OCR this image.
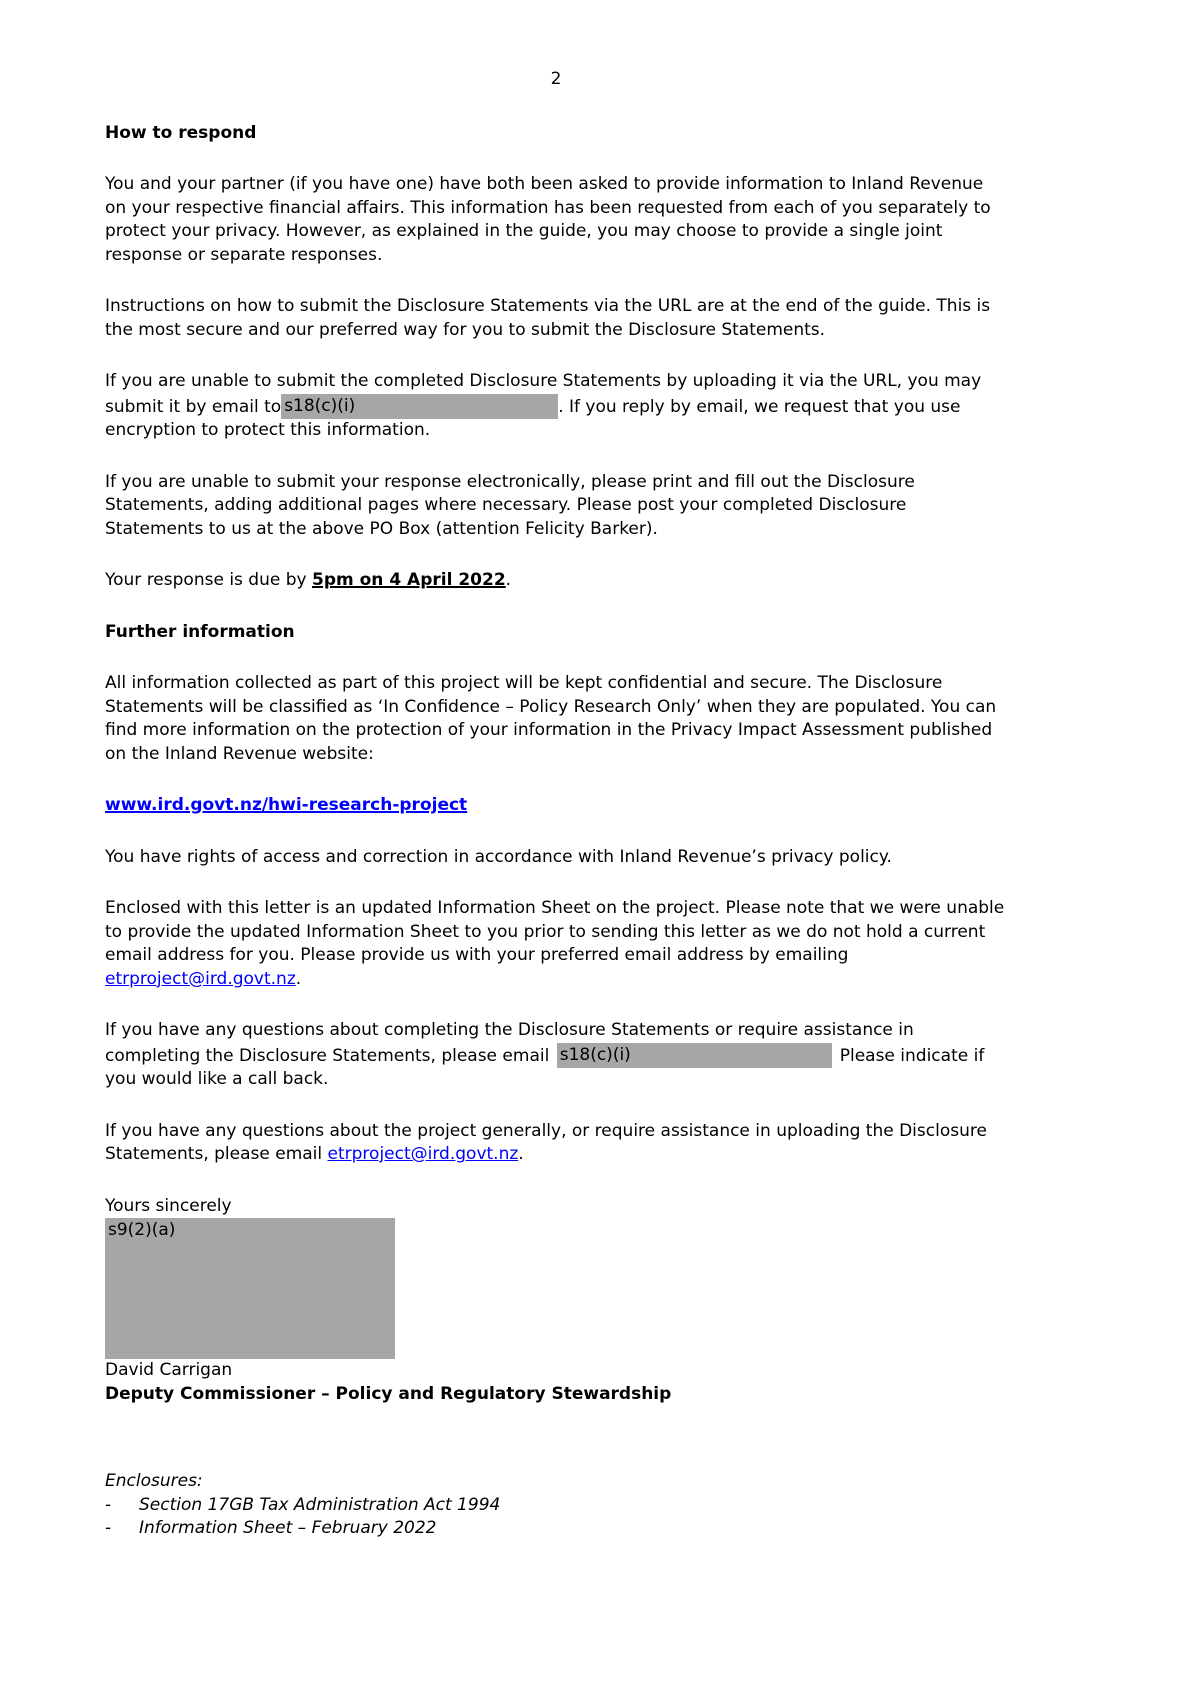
2
How to respond

You and your partner (if you have one) have both been asked to provide information to Inland Revenue on your respective financial affairs. This information has been requested from each of you separately to protect your privacy. However, as explained in the guide, you may choose to provide a single joint response or separate responses.

Instructions on how to submit the Disclosure Statements via the URL are at the end of the guide. This is the most secure and our preferred way for you to submit the Disclosure Statements.

If you are unable to submit the completed Disclosure Statements by uploading it via the URL, you may submit it by email to s18(c)(i)	. If you reply by email, we request that you use encryption to protect this information.

If you are unable to submit your response electronically, please print and fill out the Disclosure Statements, adding additional pages where necessary. Please post your completed Disclosure Statements to us at the above PO Box (attention Felicity Barker).

Your response is due by 5pm on 4 April 2022.

Further information

All information collected as part of this project will be kept confidential and secure. The Disclosure Statements will be classified as ‘In Confidence – Policy Research Only’ when they are populated. You can find more information on the protection of your information in the Privacy Impact Assessment published on the Inland Revenue website:

www.ird.govt.nz/hwi-research-project

You have rights of access and correction in accordance with Inland Revenue’s privacy policy.

Enclosed with this letter is an updated Information Sheet on the project. Please note that we were unable to provide the updated Information Sheet to you prior to sending this letter as we do not hold a current email address for you. Please provide us with your preferred email address by emailing etrproject@ird.govt.nz.

If you have any questions about completing the Disclosure Statements or require assistance in completing the Disclosure Statements, please email s18(c)(i)	Please indicate if you would like a call back.

If you have any questions about the project generally, or require assistance in uploading the Disclosure Statements, please email etrproject@ird.govt.nz.

Yours sincerely
s9(2)(a)
David Carrigan
Deputy Commissioner – Policy and Regulatory Stewardship
Enclosures:
-	Section 17GB Tax Administration Act 1994
-	Information Sheet – February 2022
